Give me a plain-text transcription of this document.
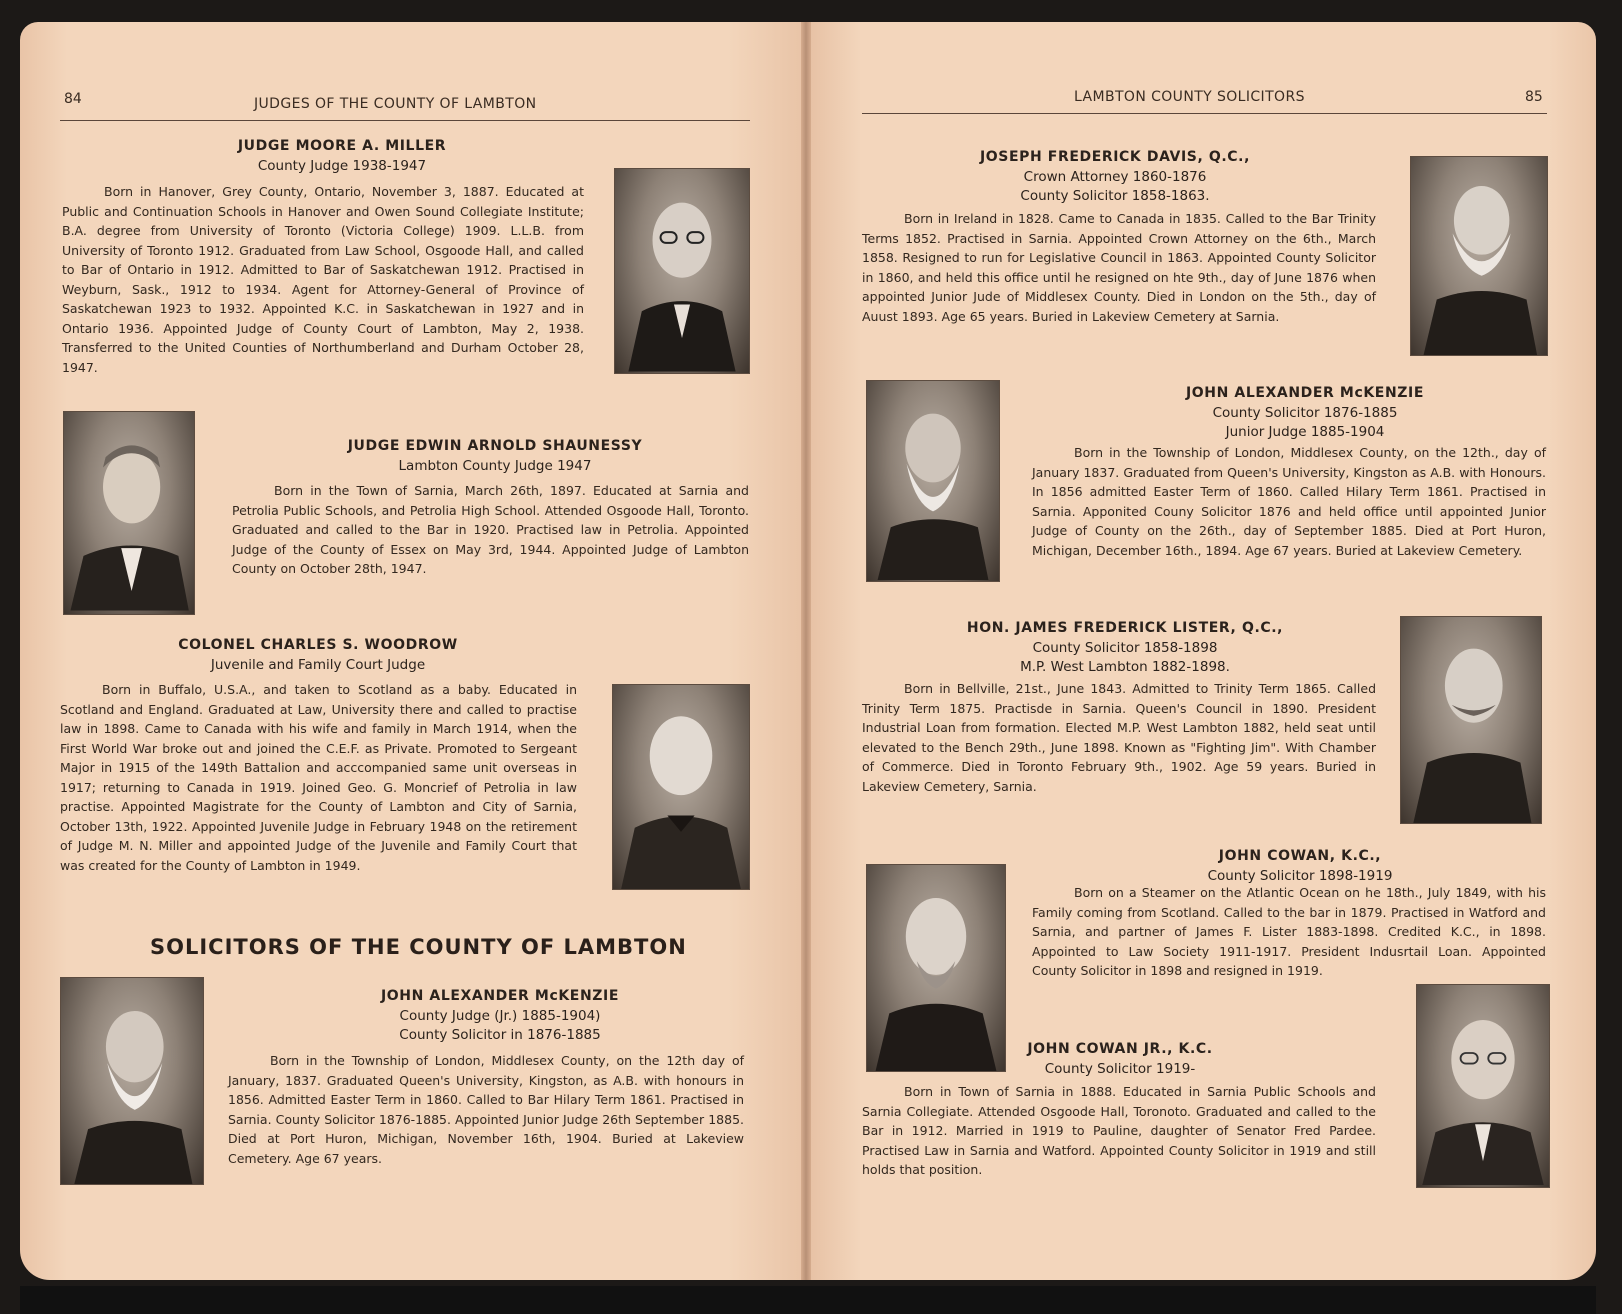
84	JUDGES OF THE COUNTY OF LAMBTON
JUDGE MOORE A. MILLER
County Judge 1938-1947
Born in Hanover, Grey County, Ontario, November 3, 1887. Educated at Public and Continuation Schools in Hanover and Owen Sound Collegiate Institute; B.A. degree from University of Toronto (Victoria College) 1909. L.L.B. from University of Toronto 1912. Graduated from Law School, Osgoode Hall, and called to Bar of Ontario in 1912. Admitted to Bar of Saskatchewan 1912. Practised in Weyburn, Sask., 1912 to 1934. Agent for Attorney-General of Province of Saskatchewan 1923 to 1932. Appointed K.C. in Saskatchewan in 1927 and in Ontario 1936. Appointed Judge of County Court of Lambton, May 2, 1938. Transferred to the United Counties of Northumberland and Durham October 28, 1947.
JUDGE EDWIN ARNOLD SHAUNESSY
Lambton County Judge 1947
Born in the Town of Sarnia, March 26th, 1897. Educated at Sarnia and Petrolia Public Schools, and Petrolia High School. Attended Osgoode Hall, Toronto. Graduated and called to the Bar in 1920. Practised law in Petrolia. Appointed Judge of the County of Essex on May 3rd, 1944. Appointed Judge of Lambton County on October 28th, 1947.
COLONEL CHARLES S. WOODROW
Juvenile and Family Court Judge
Born in Buffalo, U.S.A., and taken to Scotland as a baby. Educated in Scotland and England. Graduated at Law, University there and called to practise law in 1898. Came to Canada with his wife and family in March 1914, when the First World War broke out and joined the C.E.F. as Private. Promoted to Sergeant Major in 1915 of the 149th Battalion and acccompanied same unit overseas in 1917; returning to Canada in 1919. Joined Geo. G. Moncrief of Petrolia in law practise. Appointed Magistrate for the County of Lambton and City of Sarnia, October 13th, 1922. Appointed Juvenile Judge in February 1948 on the retirement of Judge M. N. Miller and appointed Judge of the Juvenile and Family Court that was created for the County of Lambton in 1949.
SOLICITORS OF THE COUNTY OF LAMBTON
JOHN ALEXANDER McKENZIE
County Judge (Jr.) 1885-1904)
County Solicitor in 1876-1885
Born in the Township of London, Middlesex County, on the 12th day of January, 1837. Graduated Queen's University, Kingston, as A.B. with honours in 1856. Admitted Easter Term in 1860. Called to Bar Hilary Term 1861. Practised in Sarnia. County Solicitor 1876-1885. Appointed Junior Judge 26th September 1885. Died at Port Huron, Michigan, November 16th, 1904. Buried at Lakeview Cemetery. Age 67 years.
LAMBTON COUNTY SOLICITORS	85
JOSEPH FREDERICK DAVIS, Q.C.,
Crown Attorney 1860-1876
County Solicitor 1858-1863.
Born in Ireland in 1828. Came to Canada in 1835. Called to the Bar Trinity Terms 1852. Practised in Sarnia. Appointed Crown Attorney on the 6th., March 1858. Resigned to run for Legislative Council in 1863. Appointed County Solicitor in 1860, and held this office until he resigned on hte 9th., day of June 1876 when appointed Junior Jude of Middlesex County. Died in London on the 5th., day of Auust 1893. Age 65 years. Buried in Lakeview Cemetery at Sarnia.
JOHN ALEXANDER McKENZIE
County Solicitor 1876-1885
Junior Judge 1885-1904
Born in the Township of London, Middlesex County, on the 12th., day of January 1837. Graduated from Queen's University, Kingston as A.B. with Honours. In 1856 admitted Easter Term of 1860. Called Hilary Term 1861. Practised in Sarnia. Apponited Couny Solicitor 1876 and held office until appointed Junior Judge of County on the 26th., day of September 1885. Died at Port Huron, Michigan, December 16th., 1894. Age 67 years. Buried at Lakeview Cemetery.
HON. JAMES FREDERICK LISTER, Q.C.,
County Solicitor 1858-1898
M.P. West Lambton 1882-1898.
Born in Bellville, 21st., June 1843. Admitted to Trinity Term 1865. Called Trinity Term 1875. Practisde in Sarnia. Queen's Council in 1890. President Industrial Loan from formation. Elected M.P. West Lambton 1882, held seat until elevated to the Bench 29th., June 1898. Known as "Fighting Jim". With Chamber of Commerce. Died in Toronto February 9th., 1902. Age 59 years. Buried in Lakeview Cemetery, Sarnia.
JOHN COWAN, K.C.,
County Solicitor 1898-1919
Born on a Steamer on the Atlantic Ocean on he 18th., July 1849, with his Family coming from Scotland. Called to the bar in 1879. Practised in Watford and Sarnia, and partner of James F. Lister 1883-1898. Credited K.C., in 1898. Appointed to Law Society 1911-1917. President Indusrtail Loan. Appointed County Solicitor in 1898 and resigned in 1919.
JOHN COWAN JR., K.C.
County Solicitor 1919-
Born in Town of Sarnia in 1888. Educated in Sarnia Public Schools and Sarnia Collegiate. Attended Osgoode Hall, Toronoto. Graduated and called to the Bar in 1912. Married in 1919 to Pauline, daughter of Senator Fred Pardee. Practised Law in Sarnia and Watford. Appointed County Solicitor in 1919 and still holds that position.
